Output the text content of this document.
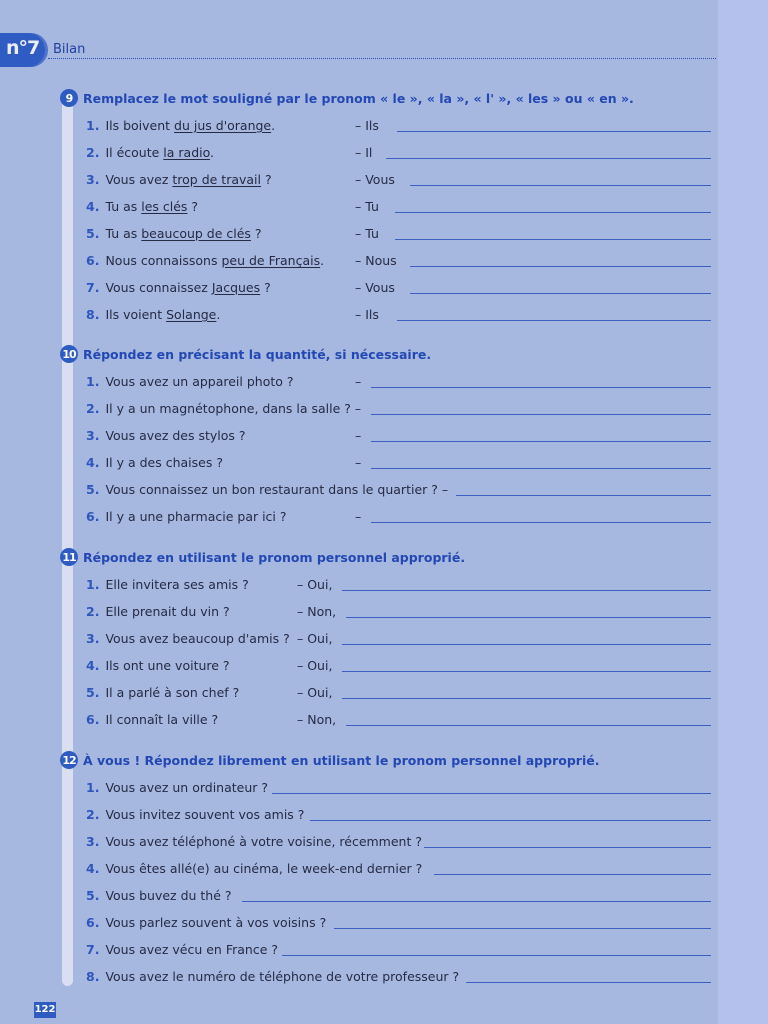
n°7 Bilan
9 Remplacez le mot souligné par le pronom « le », « la », « l' », « les » ou « en ».
1. Ils boivent du jus d'orange.	– Ils
2. Il écoute la radio.	– Il
3. Vous avez trop de travail ?	– Vous
4. Tu as les clés ?	– Tu
5. Tu as beaucoup de clés ?	– Tu
6. Nous connaissons peu de Français. – Nous
7. Vous connaissez Jacques ?	– Vous
8. Ils voient Solange.	– Ils
10 Répondez en précisant la quantité, si nécessaire.
1. Vous avez un appareil photo ?	–
2. Il y a un magnétophone, dans la salle ? –
3. Vous avez des stylos ?	–
4. Il y a des chaises ?	–
5. Vous connaissez un bon restaurant dans le quartier ? –
6. Il y a une pharmacie par ici ?	–
11 Répondez en utilisant le pronom personnel approprié.
1. Elle invitera ses amis ?	– Oui,
2. Elle prenait du vin ?	– Non,
3. Vous avez beaucoup d'amis ? – Oui,
4. Ils ont une voiture ?	– Oui,
5. Il a parlé à son chef ?	– Oui,
6. Il connaît la ville ?	– Non,
12 À vous ! Répondez librement en utilisant le pronom personnel approprié.
1. Vous avez un ordinateur ?
2. Vous invitez souvent vos amis ?
3. Vous avez téléphoné à votre voisine, récemment ?
4. Vous êtes allé(e) au cinéma, le week-end dernier ?
5. Vous buvez du thé ?
6. Vous parlez souvent à vos voisins ?
7. Vous avez vécu en France ?
8. Vous avez le numéro de téléphone de votre professeur ?
122
